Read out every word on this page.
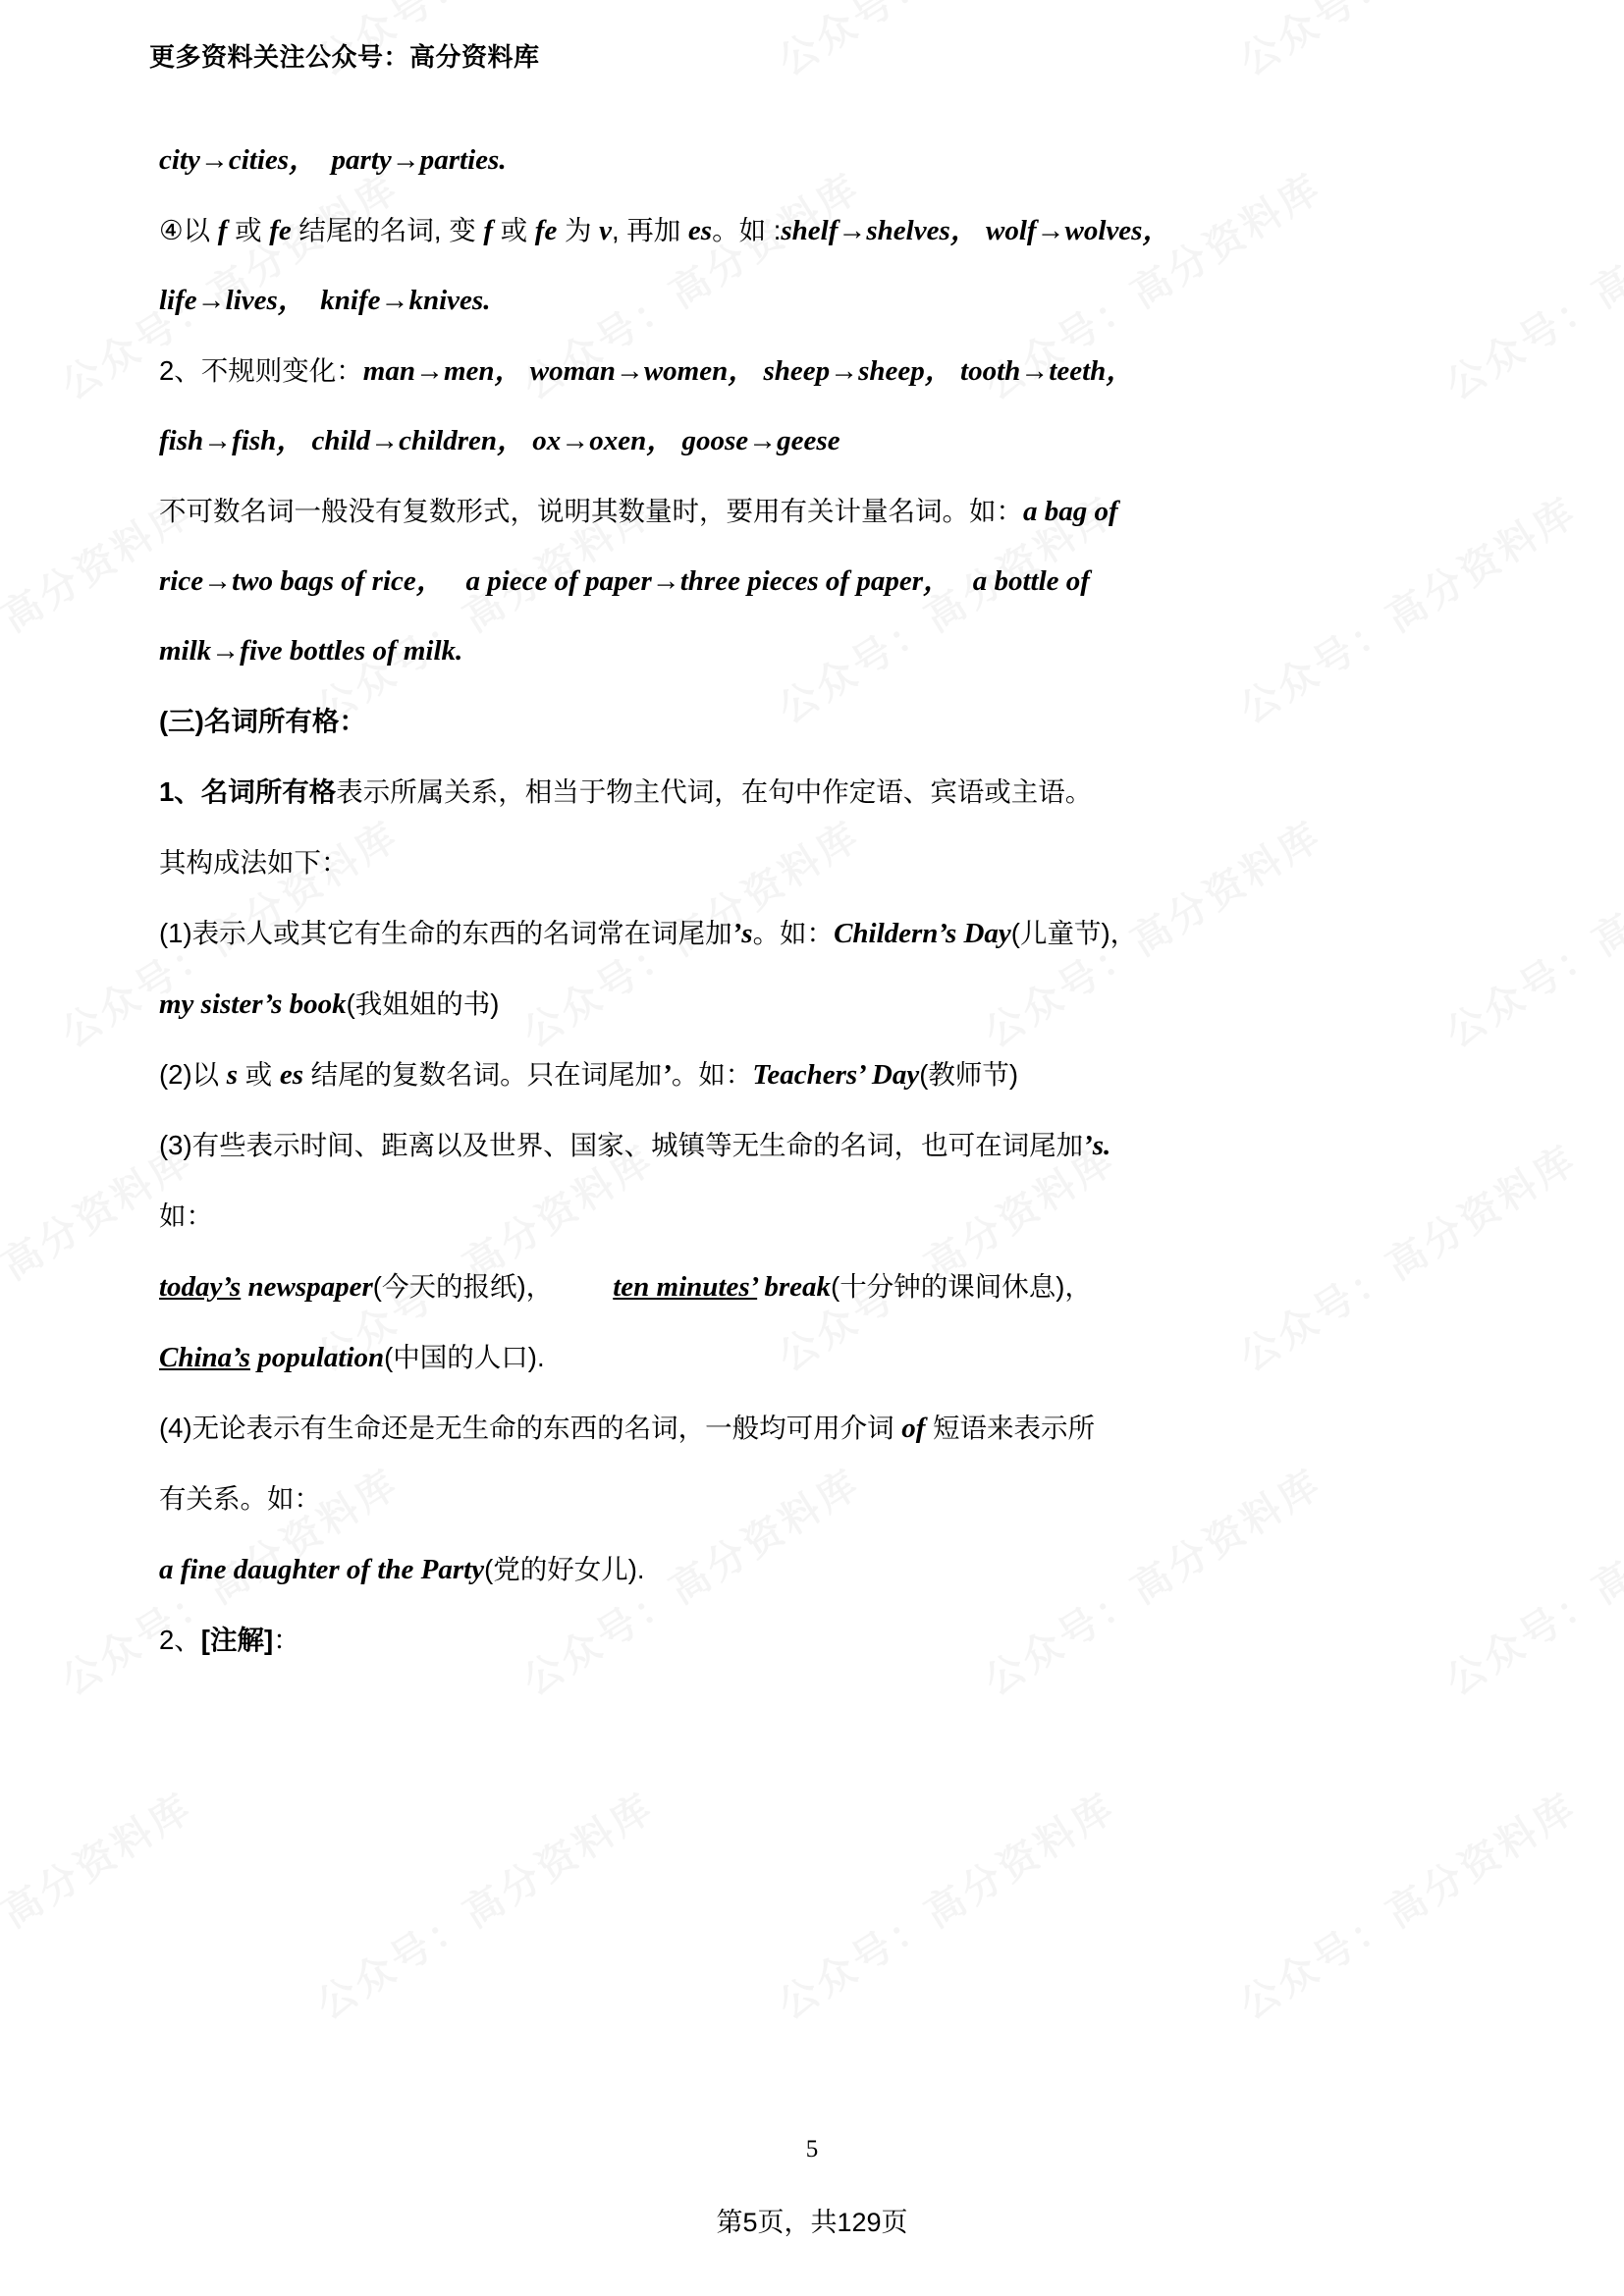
更多资料关注公众号：高分资料库
city→cities，  party→parties.
④以 f 或 fe 结尾的名词, 变 f 或 fe 为 v, 再加 es。如 :shelf→shelves， wolf→wolves，
life→lives，  knife→knives.
2、不规则变化：man→men， woman→women， sheep→sheep， tooth→teeth，
fish→fish， child→children， ox→oxen， goose→geese
不可数名词一般没有复数形式，说明其数量时，要用有关计量名词。如：a bag of
rice→two bags of rice，   a piece of paper→three pieces of paper，   a bottle of
milk→five bottles of milk.
(三)名词所有格：
1、名词所有格表示所属关系，相当于物主代词，在句中作定语、宾语或主语。
其构成法如下：
(1)表示人或其它有生命的东西的名词常在词尾加’s。如：Childern’s Day(儿童节)，
my sister’s book(我姐姐的书)
(2)以 s 或 es 结尾的复数名词。只在词尾加’。如：Teachers’ Day(教师节)
(3)有些表示时间、距离以及世界、国家、城镇等无生命的名词，也可在词尾加’s.
如：
today’s newspaper(今天的报纸)， ten minutes’ break(十分钟的课间休息)，
China’s population(中国的人口).
(4)无论表示有生命还是无生命的东西的名词，一般均可用介词 of 短语来表示所
有关系。如：
a fine daughter of the Party(党的好女儿).
2、[注解]：
5
第5页，共129页
